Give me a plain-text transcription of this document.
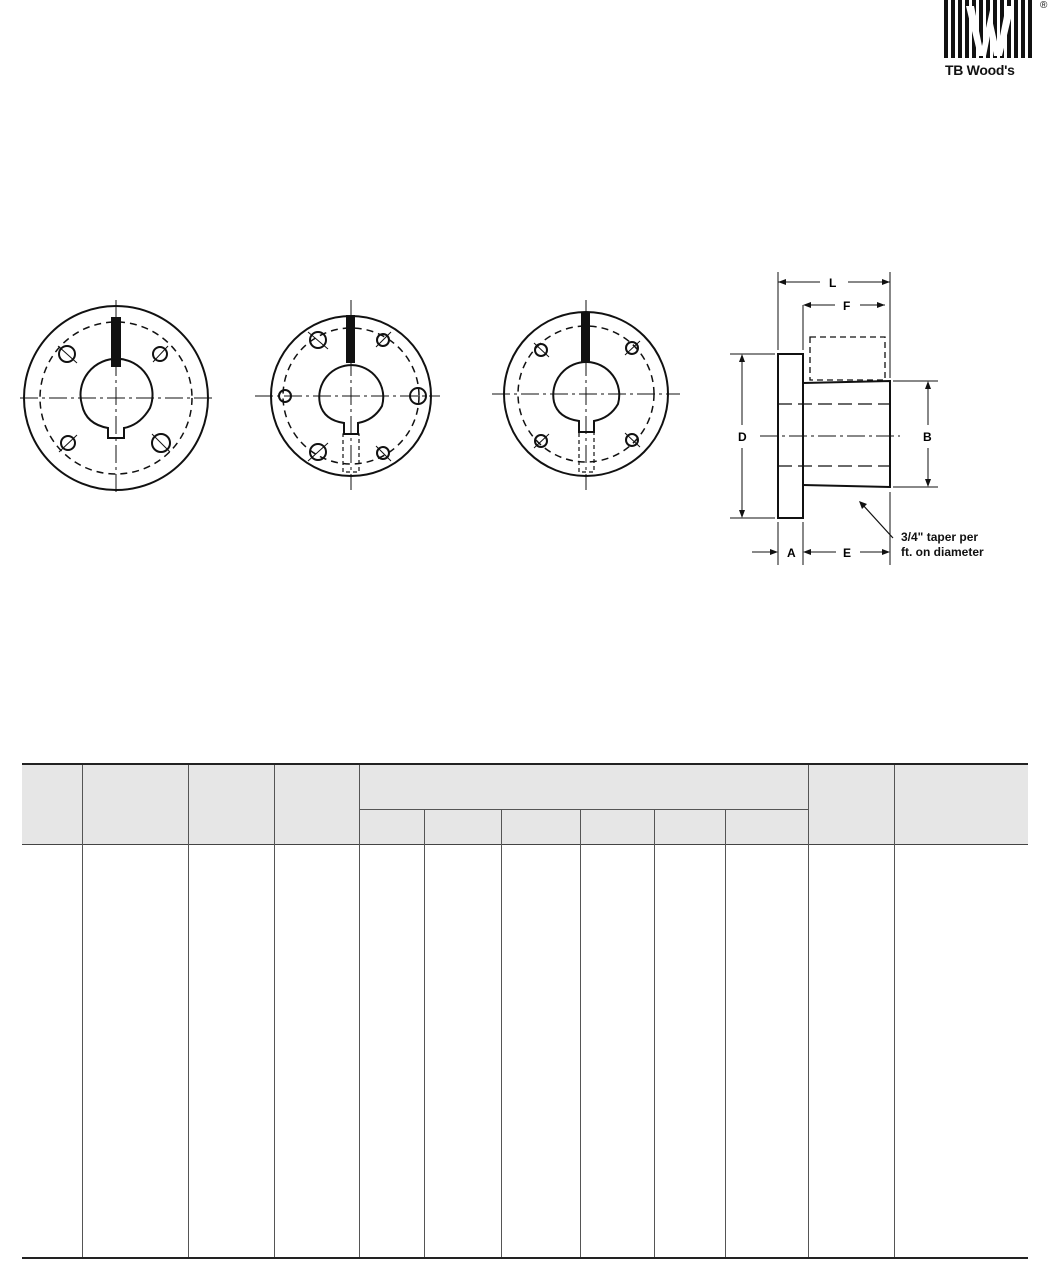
®
TB Wood's
L
F
D	B
A	E
3/4" taper per
ft. on diameter
